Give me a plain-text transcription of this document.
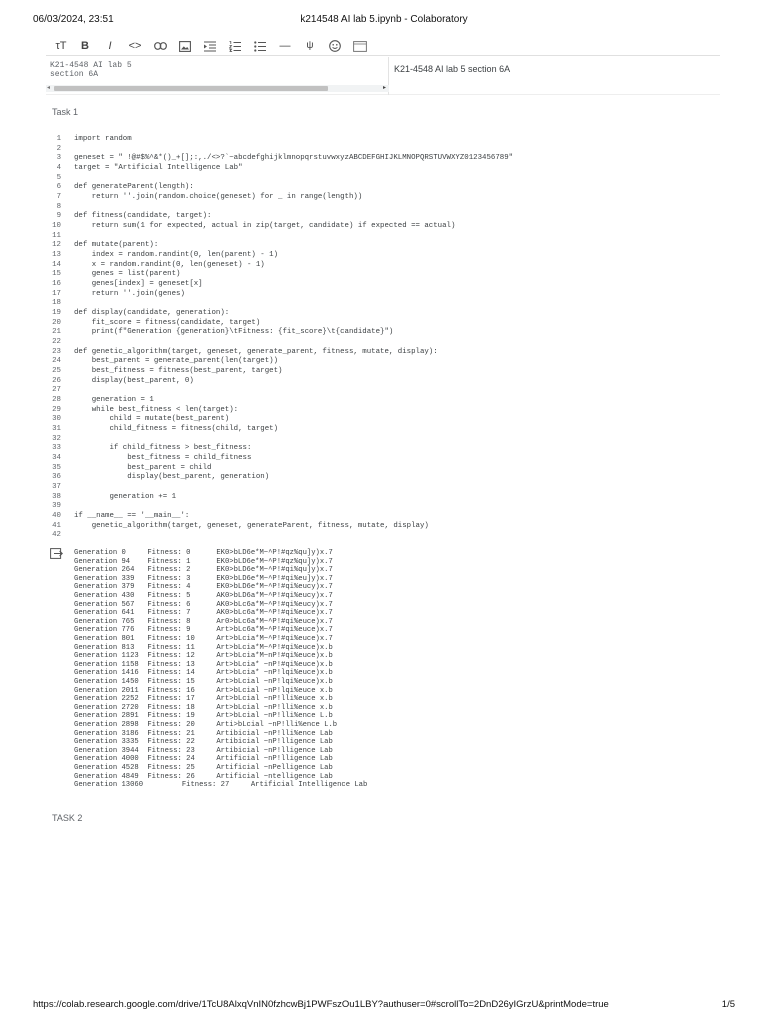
06/03/2024, 23:51	k214548 AI lab 5.ipynb - Colaboratory
τT	B	I	<>	—	ψ
K21-4548 AI lab 5
section 6A
◂	▸
K21-4548 AI lab 5 section 6A
Task 1
1 import random
2
3 geneset = " !@#$%^&*()_+[];:,./<>?`~abcdefghijklmnopqrstuvwxyzABCDEFGHIJKLMNOPQRSTUVWXYZ0123456789"
4 target = "Artificial Intelligence Lab"
5
6 def generateParent(length):
7    return ''.join(random.choice(geneset) for _ in range(length))
8
9 def fitness(candidate, target):
10    return sum(1 for expected, actual in zip(target, candidate) if expected == actual)
11
12 def mutate(parent):
13    index = random.randint(0, len(parent) - 1)
14    x = random.randint(0, len(geneset) - 1)
15    genes = list(parent)
16    genes[index] = geneset[x]
17    return ''.join(genes)
18
19 def display(candidate, generation):
20    fit_score = fitness(candidate, target)
21    print(f"Generation {generation}\tFitness: {fit_score}\t{candidate}")
22
23 def genetic_algorithm(target, geneset, generate_parent, fitness, mutate, display):
24    best_parent = generate_parent(len(target))
25    best_fitness = fitness(best_parent, target)
26    display(best_parent, 0)
27
28    generation = 1
29    while best_fitness < len(target):
30        child = mutate(best_parent)
31        child_fitness = fitness(child, target)
32
33        if child_fitness > best_fitness:
34            best_fitness = child_fitness
35            best_parent = child
36            display(best_parent, generation)
37
38        generation += 1
39
40 if __name__ == '__main__':
41    genetic_algorithm(target, geneset, generateParent, fitness, mutate, display)
42
Generation 0     Fitness: 0      EK0>bLD6e*M~^P!#qz%qu]y)x.7
Generation 94    Fitness: 1      EK0>bLD6e*M~^P!#qz%qu]y)x.7
Generation 264   Fitness: 2      EK0>bLD6e*M~^P!#qi%qu]y)x.7
Generation 339   Fitness: 3      EK0>bLD6e*M~^P!#qi%eu]y)x.7
Generation 379   Fitness: 4      EK0>bLD6e*M~^P!#qi%eucy)x.7
Generation 430   Fitness: 5      AK0>bLD6a*M~^P!#qi%eucy)x.7
Generation 567   Fitness: 6      AK0>bLc6a*M~^P!#qi%eucy)x.7
Generation 641   Fitness: 7      AK0>bLc6a*M~^P!#qi%euce)x.7
Generation 765   Fitness: 8      Ar0>bLc6a*M~^P!#qi%euce)x.7
Generation 776   Fitness: 9      Art>bLc6a*M~^P!#qi%euce)x.7
Generation 801   Fitness: 10     Art>bLcia*M~^P!#qi%euce)x.7
Generation 813   Fitness: 11     Art>bLcia*M~^P!#qi%euce)x.b
Generation 1123  Fitness: 12     Art>bLcia*M~nP!#qi%euce)x.b
Generation 1158  Fitness: 13     Art>bLcia* ~nP!#qi%euce)x.b
Generation 1416  Fitness: 14     Art>bLcia* ~nP!lqi%euce)x.b
Generation 1450  Fitness: 15     Art>bLcial ~nP!lqi%euce)x.b
Generation 2011  Fitness: 16     Art>bLcial ~nP!lqi%euce x.b
Generation 2252  Fitness: 17     Art>bLcial ~nP!lli%euce x.b
Generation 2720  Fitness: 18     Art>bLcial ~nP!lli%ence x.b
Generation 2891  Fitness: 19     Art>bLcial ~nP!lli%ence L.b
Generation 2898  Fitness: 20     Arti>bLcial ~nP!lli%ence L.b
Generation 3186  Fitness: 21     Artibicial ~nP!lli%ence Lab
Generation 3335  Fitness: 22     Artibicial ~nP!lligence Lab
Generation 3944  Fitness: 23     Artibicial ~nP!lligence Lab
Generation 4000  Fitness: 24     Artificial ~nP!lligence Lab
Generation 4528  Fitness: 25     Artificial ~nPelligence Lab
Generation 4849  Fitness: 26     Artificial ~ntelligence Lab
Generation 13060         Fitness: 27     Artificial Intelligence Lab
TASK 2
https://colab.research.google.com/drive/1TcU8AlxqVnIN0fzhcwBj1PWFszOu1LBY?authuser=0#scrollTo=2DnD26yIGrzU&printMode=true	1/5
